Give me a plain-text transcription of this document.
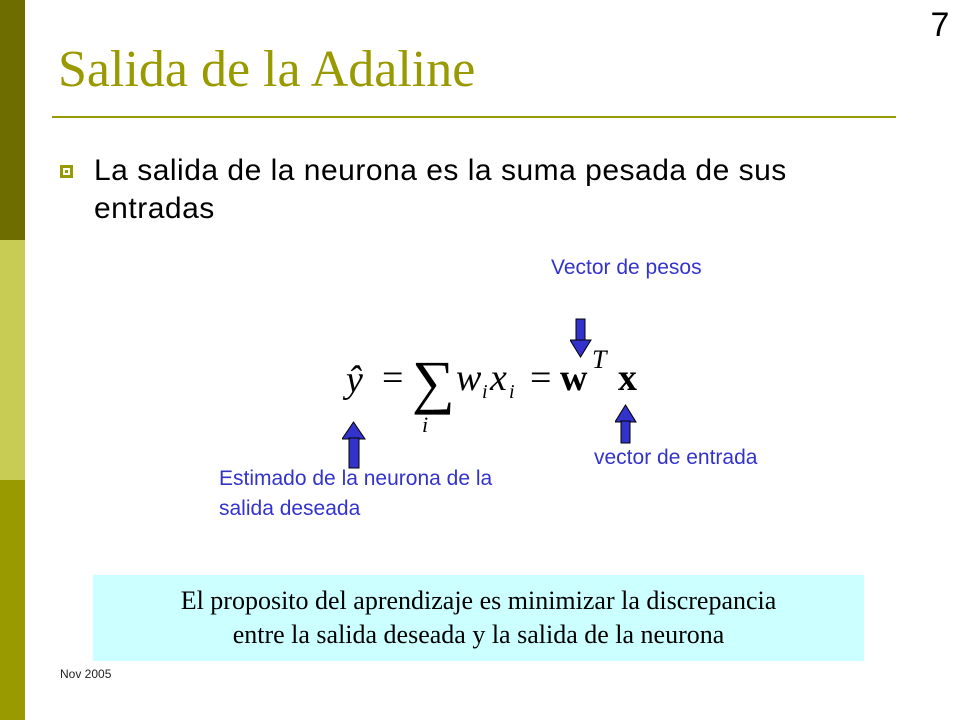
7
Salida de la Adaline
La salida de la neurona es la suma pesada de sus entradas
Vector de pesos
ŷ = ∑
i
w i x i = w T x
vector de entrada
Estimado de la neurona de la salida deseada
El proposito del aprendizaje es minimizar la discrepancia
entre la salida deseada y la salida de la neurona
Nov 2005
